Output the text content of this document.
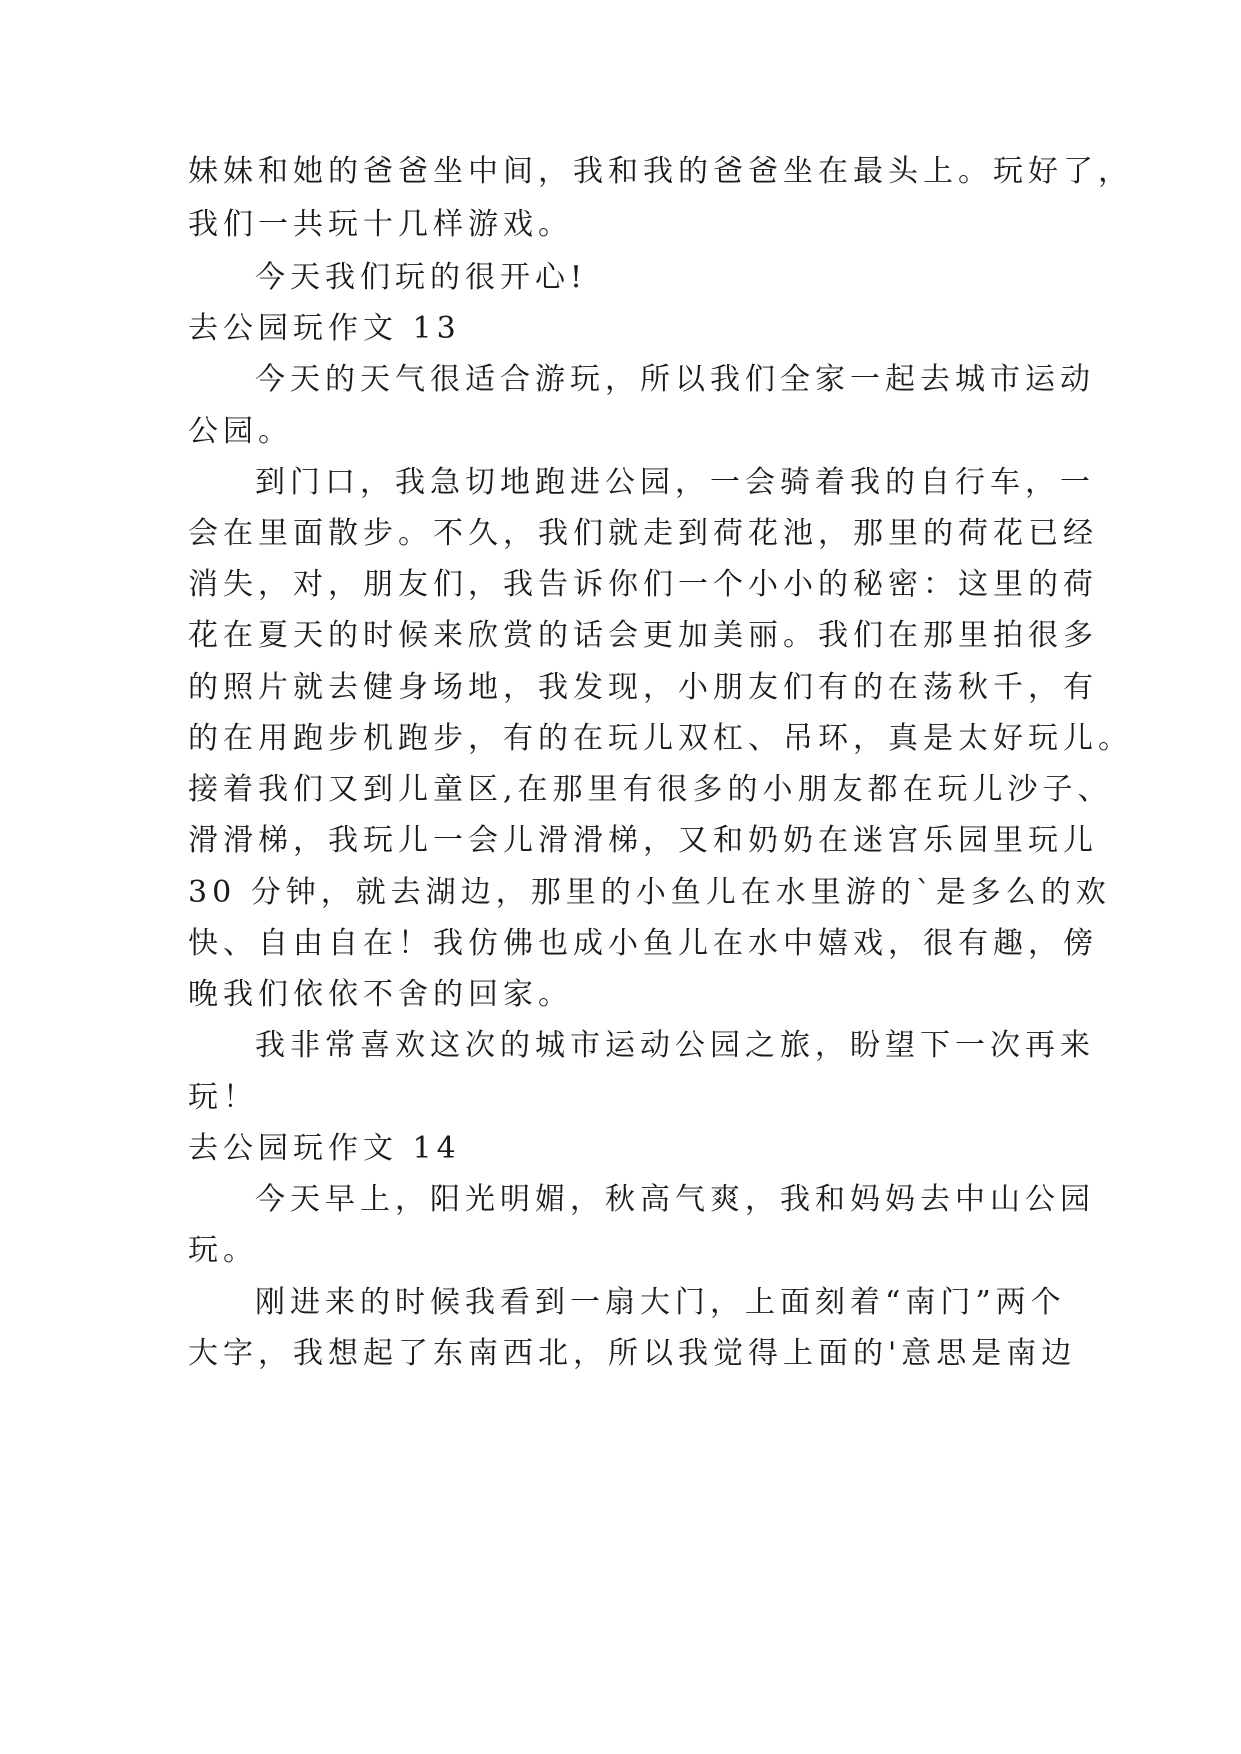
妹妹和她的爸爸坐中间，我和我的爸爸坐在最头上。玩好了，
我们一共玩十几样游戏。
今天我们玩的很开心!
去公园玩作文 13
今天的天气很适合游玩，所以我们全家一起去城市运动
公园。
到门口，我急切地跑进公园，一会骑着我的自行车，一
会在里面散步。不久，我们就走到荷花池，那里的荷花已经
消失，对，朋友们，我告诉你们一个小小的秘密：这里的荷
花在夏天的时候来欣赏的话会更加美丽。我们在那里拍很多
的照片就去健身场地，我发现，小朋友们有的在荡秋千，有
的在用跑步机跑步，有的在玩儿双杠、吊环，真是太好玩儿。
接着我们又到儿童区,在那里有很多的小朋友都在玩儿沙子、
滑滑梯，我玩儿一会儿滑滑梯，又和奶奶在迷宫乐园里玩儿
30 分钟，就去湖边，那里的小鱼儿在水里游的`是多么的欢
快、自由自在！我仿佛也成小鱼儿在水中嬉戏，很有趣，傍
晚我们依依不舍的回家。
我非常喜欢这次的城市运动公园之旅，盼望下一次再来
玩！
去公园玩作文 14
今天早上，阳光明媚，秋高气爽，我和妈妈去中山公园
玩。
刚进来的时候我看到一扇大门，上面刻着“南门”两个
大字，我想起了东南西北，所以我觉得上面的'意思是南边
